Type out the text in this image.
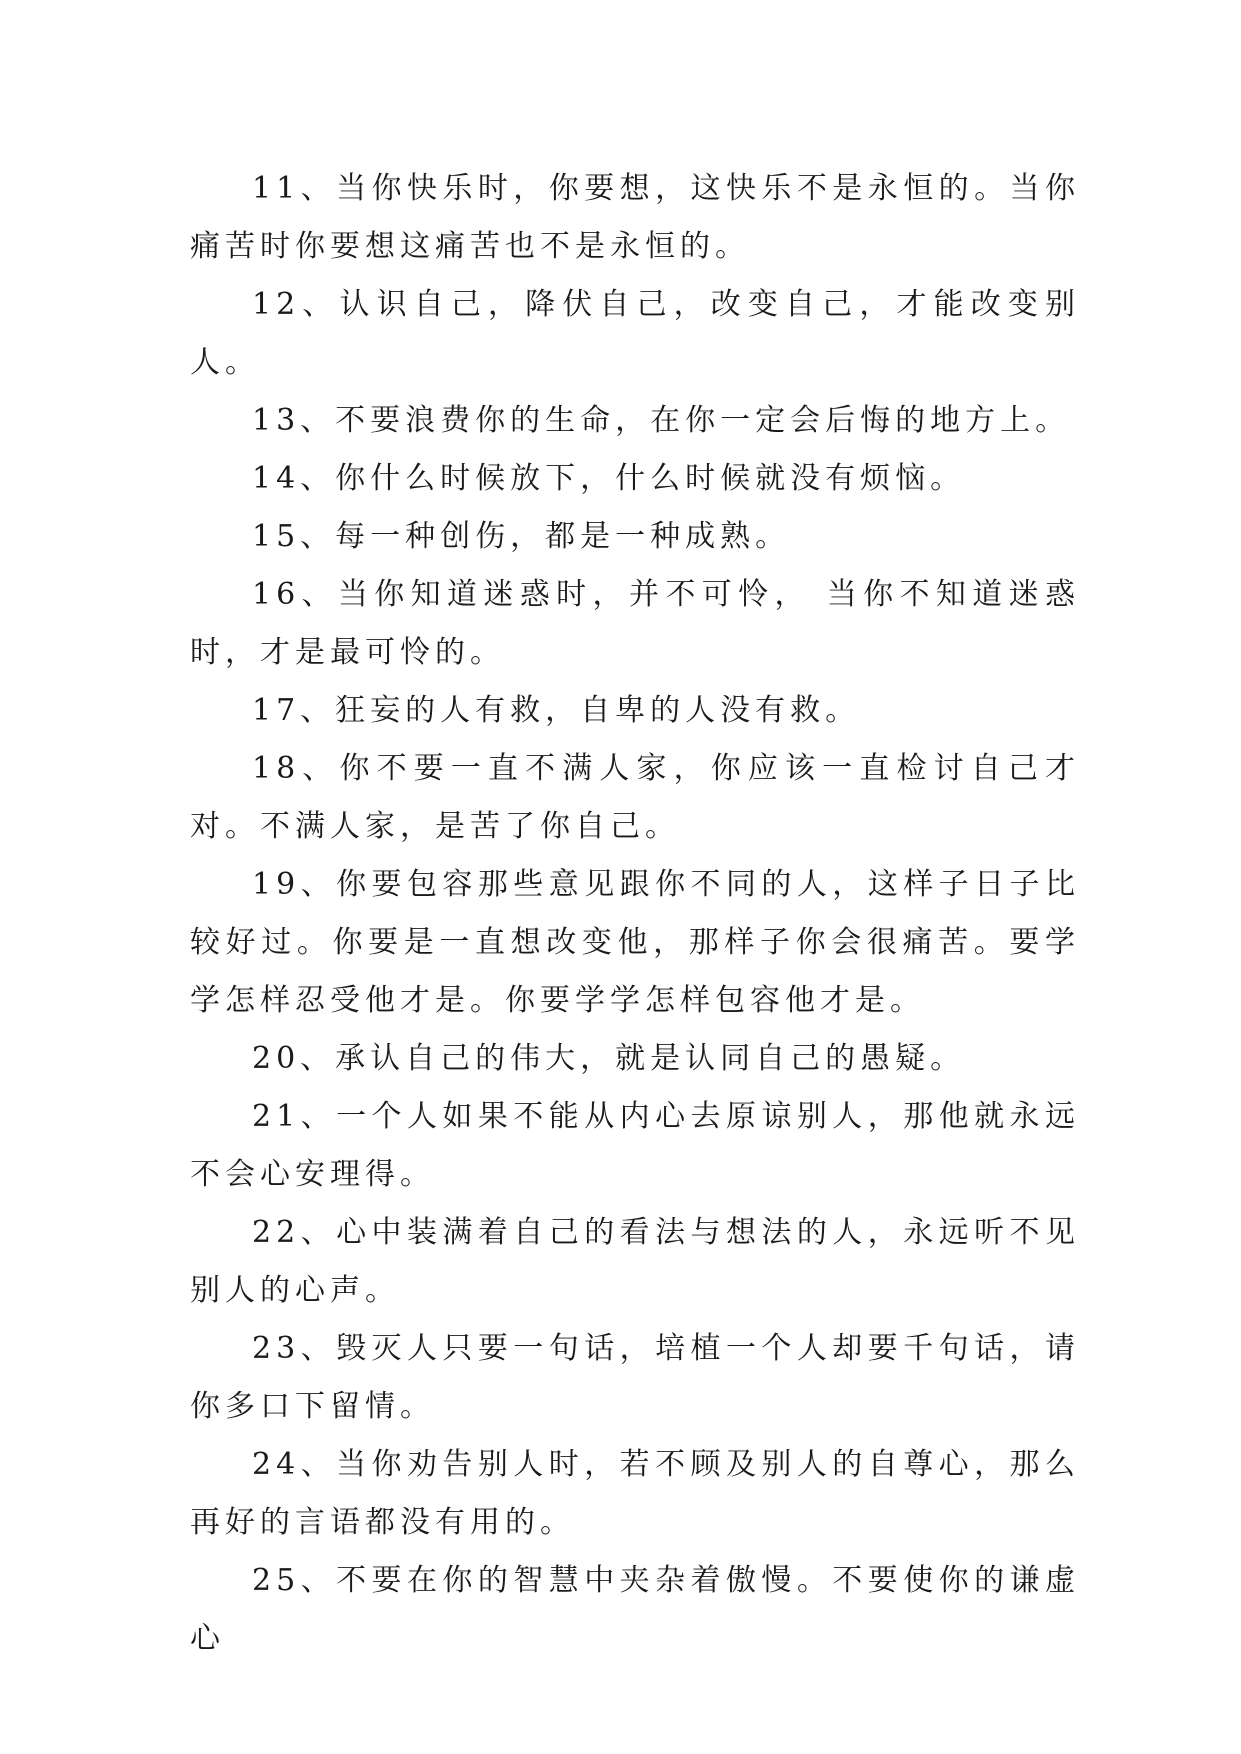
11、当你快乐时，你要想，这快乐不是永恒的。当你痛苦时你要想这痛苦也不是永恒的。

12、认识自己，降伏自己，改变自己，才能改变别人。

13、不要浪费你的生命，在你一定会后悔的地方上。

14、你什么时候放下，什么时候就没有烦恼。

15、每一种创伤，都是一种成熟。

16、当你知道迷惑时，并不可怜， 当你不知道迷惑时，才是最可怜的。

17、狂妄的人有救，自卑的人没有救。

18、你不要一直不满人家，你应该一直检讨自己才对。不满人家，是苦了你自己。

19、你要包容那些意见跟你不同的人，这样子日子比较好过。你要是一直想改变他，那样子你会很痛苦。要学学怎样忍受他才是。你要学学怎样包容他才是。

20、承认自己的伟大，就是认同自己的愚疑。

21、一个人如果不能从内心去原谅别人，那他就永远不会心安理得。

22、心中装满着自己的看法与想法的人，永远听不见别人的心声。

23、毁灭人只要一句话，培植一个人却要千句话，请你多口下留情。

24、当你劝告别人时，若不顾及别人的自尊心，那么再好的言语都没有用的。

25、不要在你的智慧中夹杂着傲慢。不要使你的谦虚心
